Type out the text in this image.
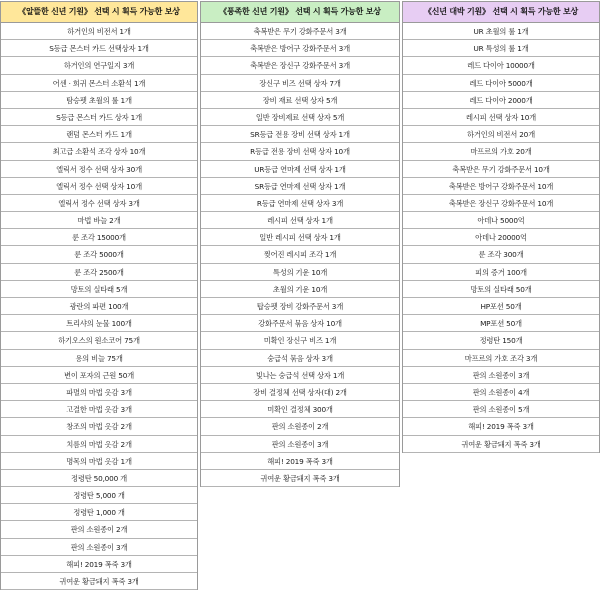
《알뜰한 신년 기원》 선택 시 획득 가능한 보상
하거인의 비전서 1개
S등급 몬스터 카드 선택상자 1개
하거인의 연구일지 3개
어센 · 희귀 몬스터 소환석 1개
탐승펫 초월의 룰 1개
S등급 몬스터 카드 상자 1개
랜덤 몬스터 카드 1개
최고급 소환석 조각 상자 10개
엘릭서 정수 선택 상자 30개
엘릭서 정수 선택 상자 10개
엘릭서 정수 선택 상자 3개
마법 바늘 2개
룬 조각 15000개
룬 조각 5000개
룬 조각 2500개
망토의 실타래 5개
광란의 파편 100개
트리샤의 눈물 100개
하기오스의 원소코어 75개
용의 비늘 75개
변이 포자의 근원 50개
파멸의 마법 옷감 3개
고결한 마법 옷감 3개
창조의 마법 옷감 2개
치름의 마법 옷감 2개
명목의 마법 옷감 1개
정령탄 50,000 개
정령탄 5,000 개
정령탄 1,000 개
판의 소원종이 2개
판의 소원종이 3개
해피! 2019 폭죽 3개
귀여운 황금돼지 폭죽 3개
《풍족한 신년 기원》 선택 시 획득 가능한 보상
축복받은 무기 강화주문서 3개
축복받은 방어구 강화주문서 3개
축복받은 장신구 강화주문서 3개
장신구 비즈 선택 상자 7개
장비 재료 선택 상자 5개
일반 장비제료 선택 상자 5개
SR등급 전용 장비 선택 상자 1개
R등급 전용 장비 선택 상자 10개
UR등급 연마제 선택 상자 1개
SR등급 연마제 선택 상자 1개
R등급 연마제 선택 상자 3개
레시피 선택 상자 1개
일반 레시피 선택 상자 1개
찢어진 레시피 조각 1개
특성의 기운 10개
초월의 기운 10개
탑승펫 장비 강화주문서 3개
강화주문서 묶음 상자 10개
미확인 장신구 비즈 1개
숭급석 묶음 상자 3개
빛나는 숭급석 선택 상자 1개
장비 결정체 선택 상자(대) 2개
미확인 결정체 300개
판의 소원종이 2개
판의 소원종이 3개
해피! 2019 폭죽 3개
귀여운 황금돼지 폭죽 3개
《신년 대박 기원》 선택 시 획득 가능한 보상
UR 초월의 룰 1개
UR 특성의 룰 1개
레드 다이아 10000개
레드 다이아 5000개
레드 다이아 2000개
레시피 선택 상자 10개
하거인의 비전서 20개
마프르의 가호 20개
축복받은 무기 강화주문서 10개
축복받은 방어구 강화주문서 10개
축복받은 장신구 강화주문서 10개
아데나 5000억
아데나 20000억
룬 조각 300개
피의 증거 100개
망토의 실타래 50개
HP포션 50개
MP포션 50개
정령탄 150개
마프르의 가호 조각 3개
판의 소원종이 3개
판의 소원종이 4개
판의 소원종이 5개
해피! 2019 폭죽 3개
귀여운 황금돼지 폭죽 3개
